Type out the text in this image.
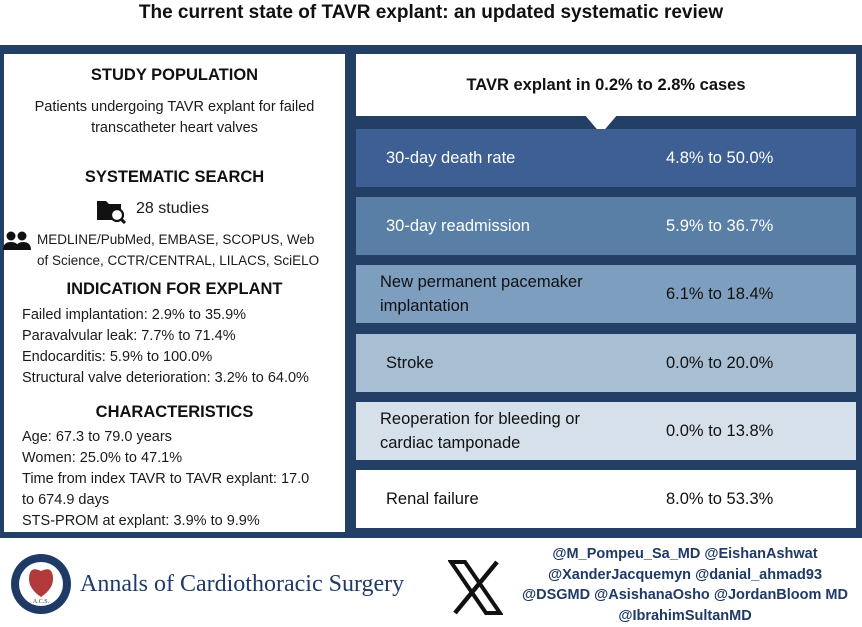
The current state of TAVR explant: an updated systematic review
STUDY POPULATION
Patients undergoing TAVR explant for failed
transcatheter heart valves
SYSTEMATIC SEARCH
28 studies
MEDLINE/PubMed, EMBASE, SCOPUS, Web
of Science, CCTR/CENTRAL, LILACS, SciELO
INDICATION FOR EXPLANT
Failed implantation: 2.9% to 35.9%
Paravalvular leak: 7.7% to 71.4%
Endocarditis: 5.9% to 100.0%
Structural valve deterioration: 3.2% to 64.0%
CHARACTERISTICS
Age: 67.3 to 79.0 years
Women: 25.0% to 47.1%
Time from index TAVR to TAVR explant: 17.0
to 674.9 days
STS-PROM at explant: 3.9% to 9.9%
TAVR explant in 0.2% to 2.8% cases
30-day death rate	4.8% to 50.0%
30-day readmission	5.9% to 36.7%
New permanent pacemaker
implantation
6.1% to 18.4%
Stroke	0.0% to 20.0%
Reoperation for bleeding or
cardiac tamponade
0.0% to 13.8%
Renal failure	8.0% to 53.3%
A.C.S.
Annals of Cardiothoracic Surgery
@M_Pompeu_Sa_MD @EishanAshwat
@XanderJacquemyn @danial_ahmad93
@DSGMD @AsishanaOsho @JordanBloom MD
@IbrahimSultanMD
